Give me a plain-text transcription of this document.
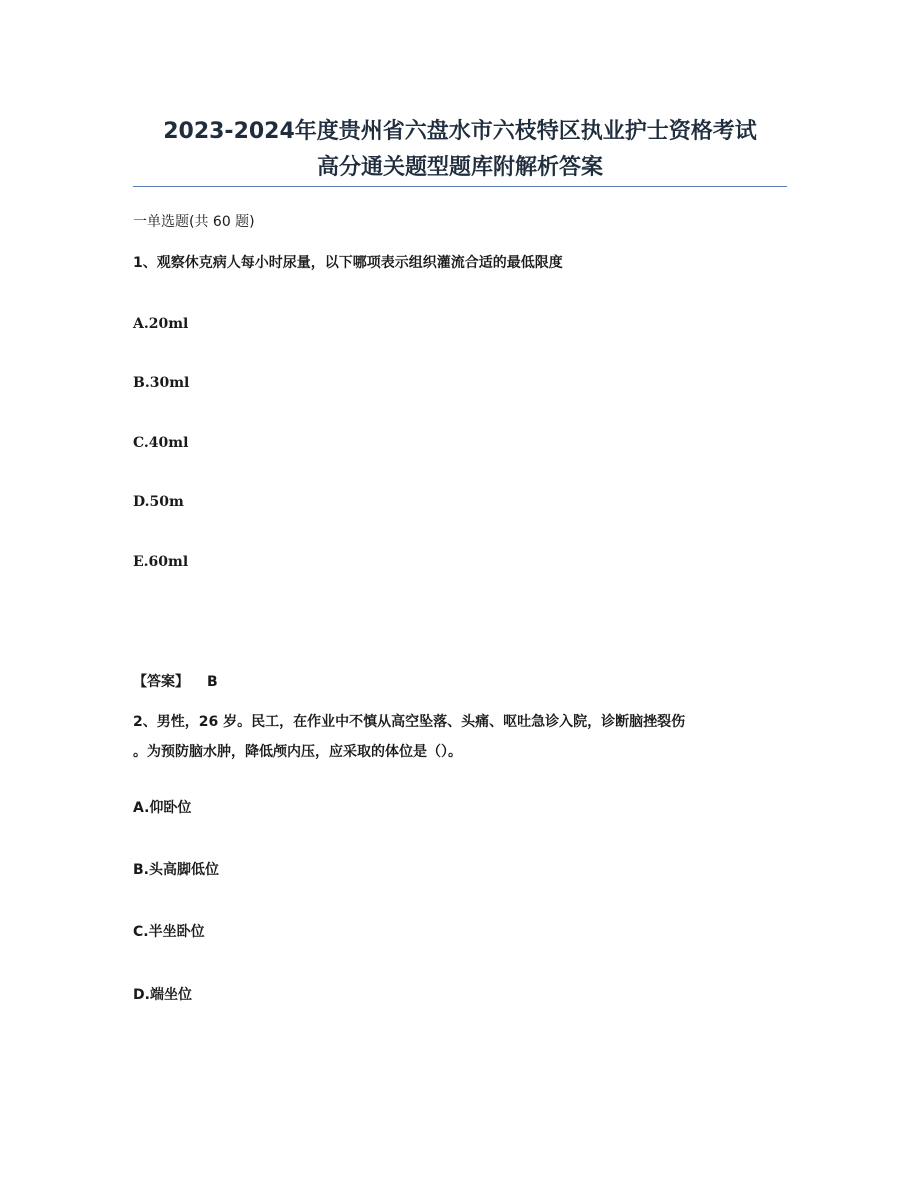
2023-2024年度贵州省六盘水市六枝特区执业护士资格考试
高分通关题型题库附解析答案
一单选题(共 60 题)
1、观察休克病人每小时尿量，以下哪项表示组织灌流合适的最低限度
A.20ml
B.30ml
C.40ml
D.50m
E.60ml
【答案】 B
2、男性，26 岁。民工，在作业中不慎从高空坠落、头痛、呕吐急诊入院，诊断脑挫裂伤
。为预防脑水肿，降低颅内压，应采取的体位是（）。
A.仰卧位
B.头高脚低位
C.半坐卧位
D.端坐位
